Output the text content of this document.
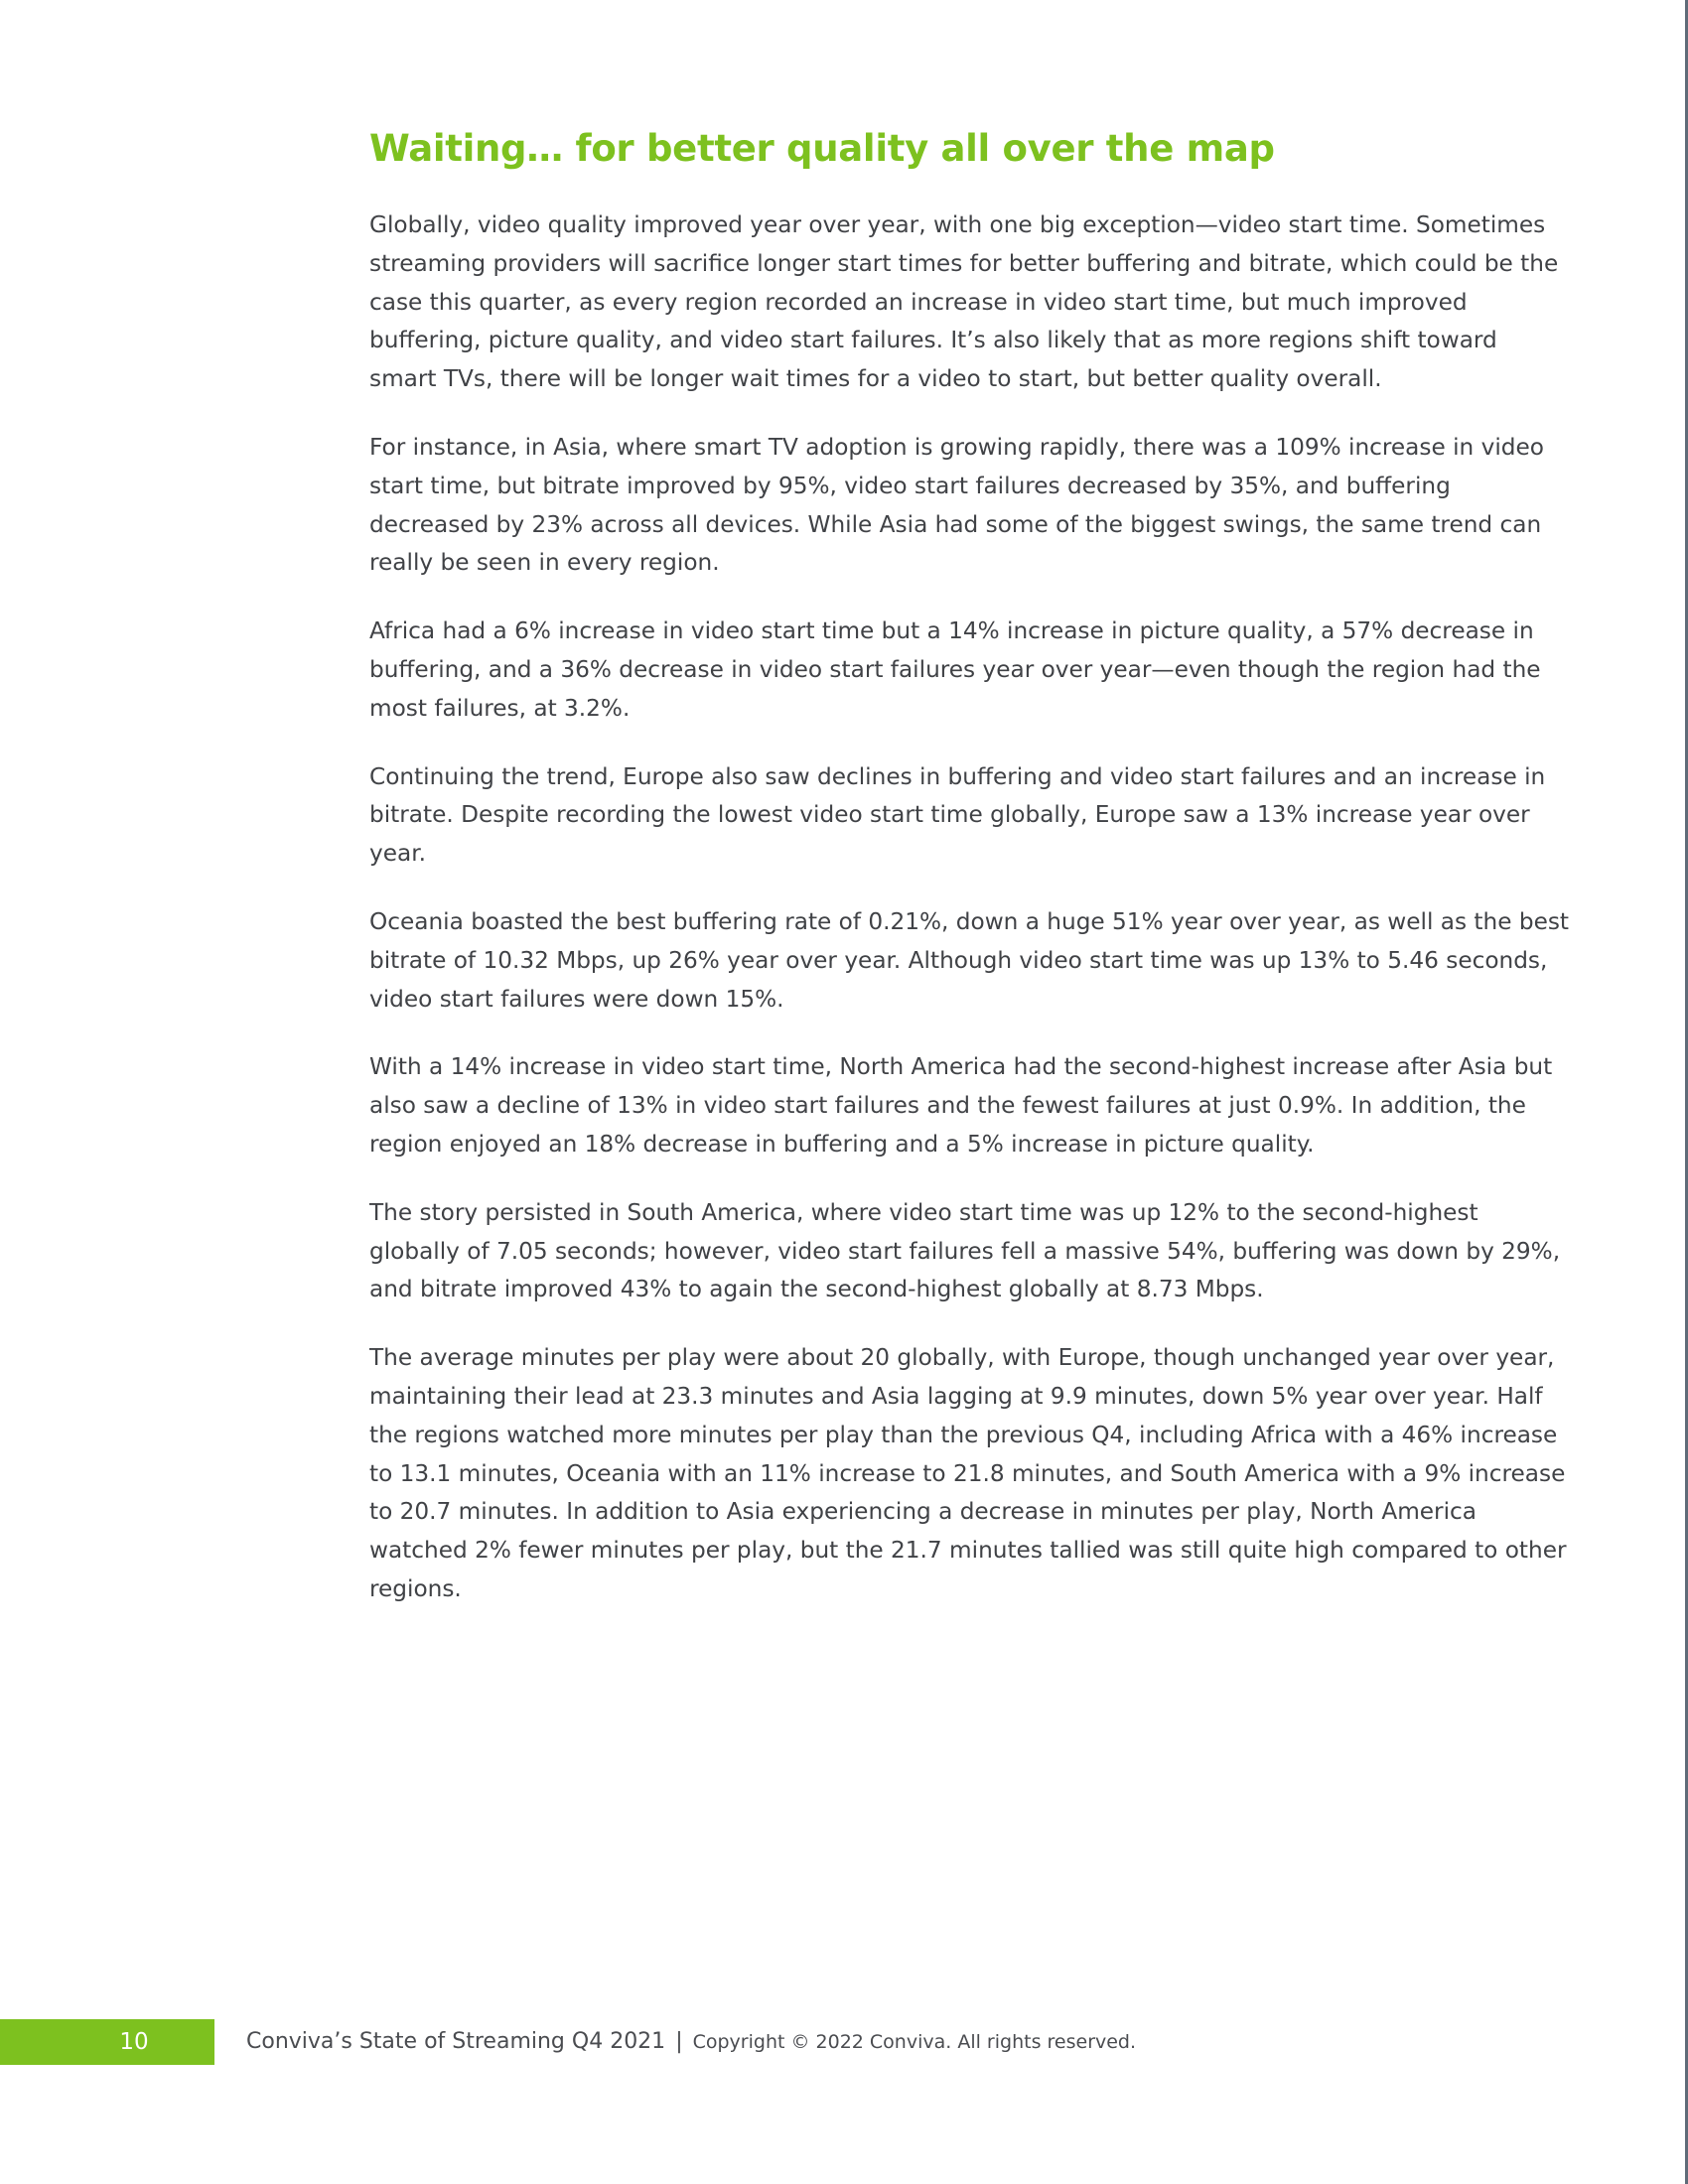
Waiting… for better quality all over the map

Globally, video quality improved year over year, with one big exception—video start time. Sometimes streaming providers will sacrifice longer start times for better buffering and bitrate, which could be the case this quarter, as every region recorded an increase in video start time, but much improved buffering, picture quality, and video start failures. It’s also likely that as more regions shift toward smart TVs, there will be longer wait times for a video to start, but better quality overall.

For instance, in Asia, where smart TV adoption is growing rapidly, there was a 109% increase in video start time, but bitrate improved by 95%, video start failures decreased by 35%, and buffering decreased by 23% across all devices. While Asia had some of the biggest swings, the same trend can really be seen in every region.

Africa had a 6% increase in video start time but a 14% increase in picture quality, a 57% decrease in buffering, and a 36% decrease in video start failures year over year—even though the region had the most failures, at 3.2%.

Continuing the trend, Europe also saw declines in buffering and video start failures and an increase in bitrate. Despite recording the lowest video start time globally, Europe saw a 13% increase year over year.

Oceania boasted the best buffering rate of 0.21%, down a huge 51% year over year, as well as the best bitrate of 10.32 Mbps, up 26% year over year. Although video start time was up 13% to 5.46 seconds, video start failures were down 15%.

With a 14% increase in video start time, North America had the second-highest increase after Asia but also saw a decline of 13% in video start failures and the fewest failures at just 0.9%. In addition, the region enjoyed an 18% decrease in buffering and a 5% increase in picture quality.

The story persisted in South America, where video start time was up 12% to the second-highest globally of 7.05 seconds; however, video start failures fell a massive 54%, buffering was down by 29%, and bitrate improved 43% to again the second-highest globally at 8.73 Mbps.

The average minutes per play were about 20 globally, with Europe, though unchanged year over year, maintaining their lead at 23.3 minutes and Asia lagging at 9.9 minutes, down 5% year over year. Half the regions watched more minutes per play than the previous Q4, including Africa with a 46% increase to 13.1 minutes, Oceania with an 11% increase to 21.8 minutes, and South America with a 9% increase to 20.7 minutes. In addition to Asia experiencing a decrease in minutes per play, North America watched 2% fewer minutes per play, but the 21.7 minutes tallied was still quite high compared to other regions.

10	Conviva’s State of Streaming Q4 2021 | Copyright © 2022 Conviva. All rights reserved.
